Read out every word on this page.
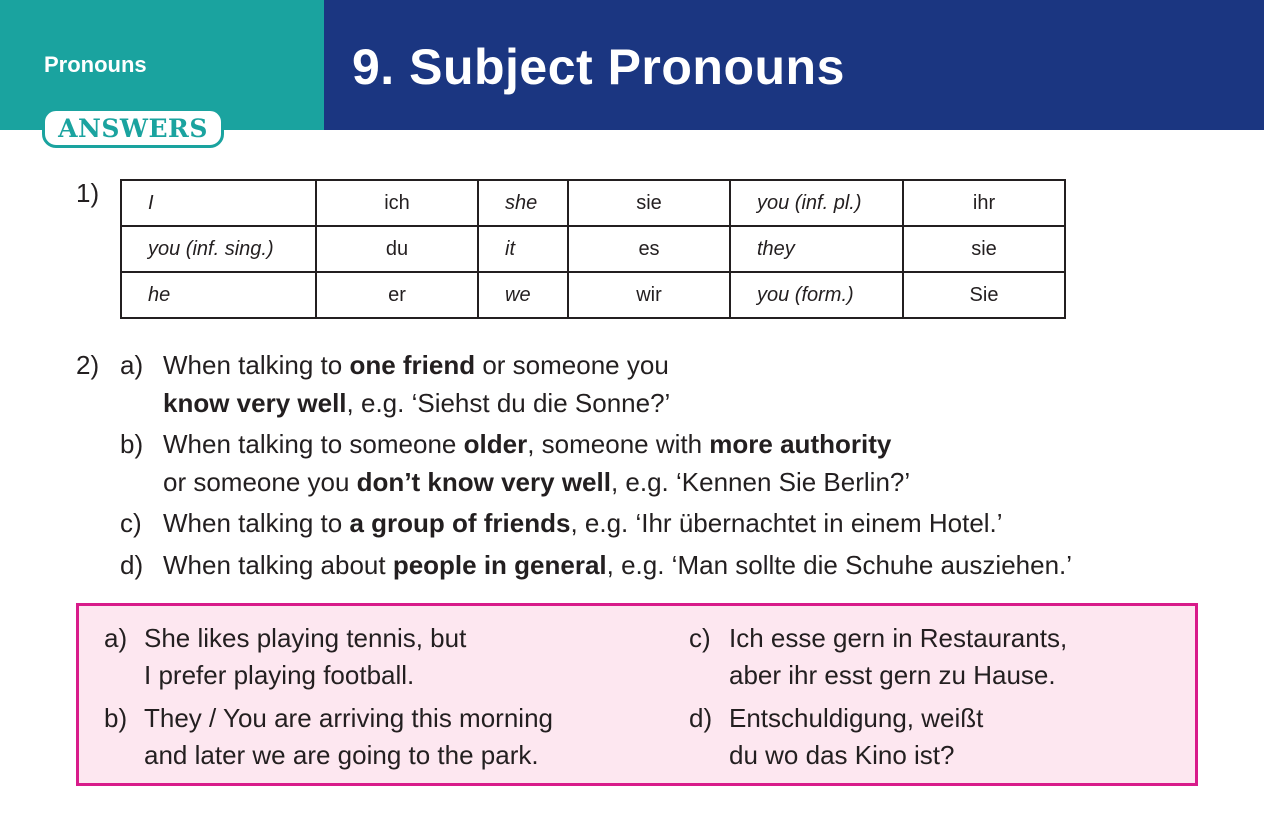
Pronouns	9. Subject Pronouns
ANSWERS
1) I	ich	she	sie	you (inf. pl.)	ihr
you (inf. sing.)	du	it	es	they	sie
he	er	we	wir	you (form.)	Sie
2) a) When talking to one friend or someone you
know very well, e.g. ‘Siehst du die Sonne?’
b) When talking to someone older, someone with more authority
or someone you don’t know very well, e.g. ‘Kennen Sie Berlin?’
c) When talking to a group of friends, e.g. ‘Ihr übernachtet in einem Hotel.’
d) When talking about people in general, e.g. ‘Man sollte die Schuhe ausziehen.’
a) She likes playing tennis, but
I prefer playing football.
b) They / You are arriving this morning
and later we are going to the park.
c) Ich esse gern in Restaurants,
aber ihr esst gern zu Hause.
d) Entschuldigung, weißt
du wo das Kino ist?
